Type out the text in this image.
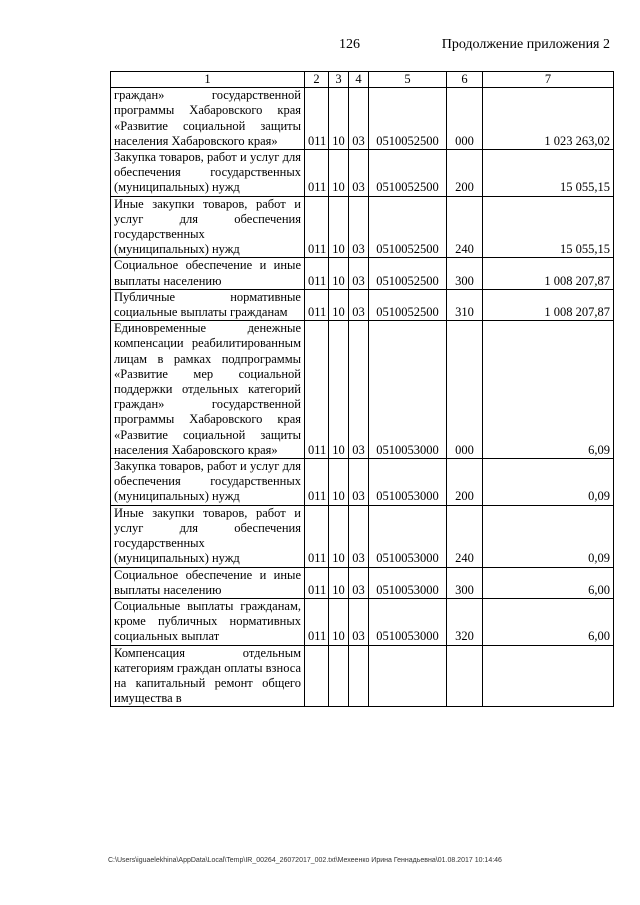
126	Продолжение приложения 2
1	2	3	4	5	6	7
граждан» государственной программы Хабаровского края «Развитие социальной защиты населения Хабаровского края»	011	10	03	0510052500	000	1 023 263,02
Закупка товаров, работ и услуг для обеспечения государственных (муниципальных) нужд	011	10	03	0510052500	200	15 055,15
Иные закупки товаров, работ и услуг для обеспечения государственных (муниципальных) нужд	011	10	03	0510052500	240	15 055,15
Социальное обеспечение и иные выплаты населению	011	10	03	0510052500	300	1 008 207,87
Публичные нормативные социальные выплаты гражданам	011	10	03	0510052500	310	1 008 207,87
Единовременные денежные компенсации реабилитированным лицам в рамках подпрограммы «Развитие мер социальной поддержки отдельных категорий граждан» государственной программы Хабаровского края «Развитие социальной защиты населения Хабаровского края»	011	10	03	0510053000	000	6,09
Закупка товаров, работ и услуг для обеспечения государственных (муниципальных) нужд	011	10	03	0510053000	200	0,09
Иные закупки товаров, работ и услуг для обеспечения государственных (муниципальных) нужд	011	10	03	0510053000	240	0,09
Социальное обеспечение и иные выплаты населению	011	10	03	0510053000	300	6,00
Социальные выплаты гражданам, кроме публичных нормативных социальных выплат	011	10	03	0510053000	320	6,00
Компенсация отдельным категориям граждан оплаты взноса на капитальный ремонт общего имущества в						
C:\Users\iguaelekhina\AppData\Local\Temp\IR_00264_26072017_002.txt\Мехеенко Ирина Геннадьевна\01.08.2017 10:14:46
